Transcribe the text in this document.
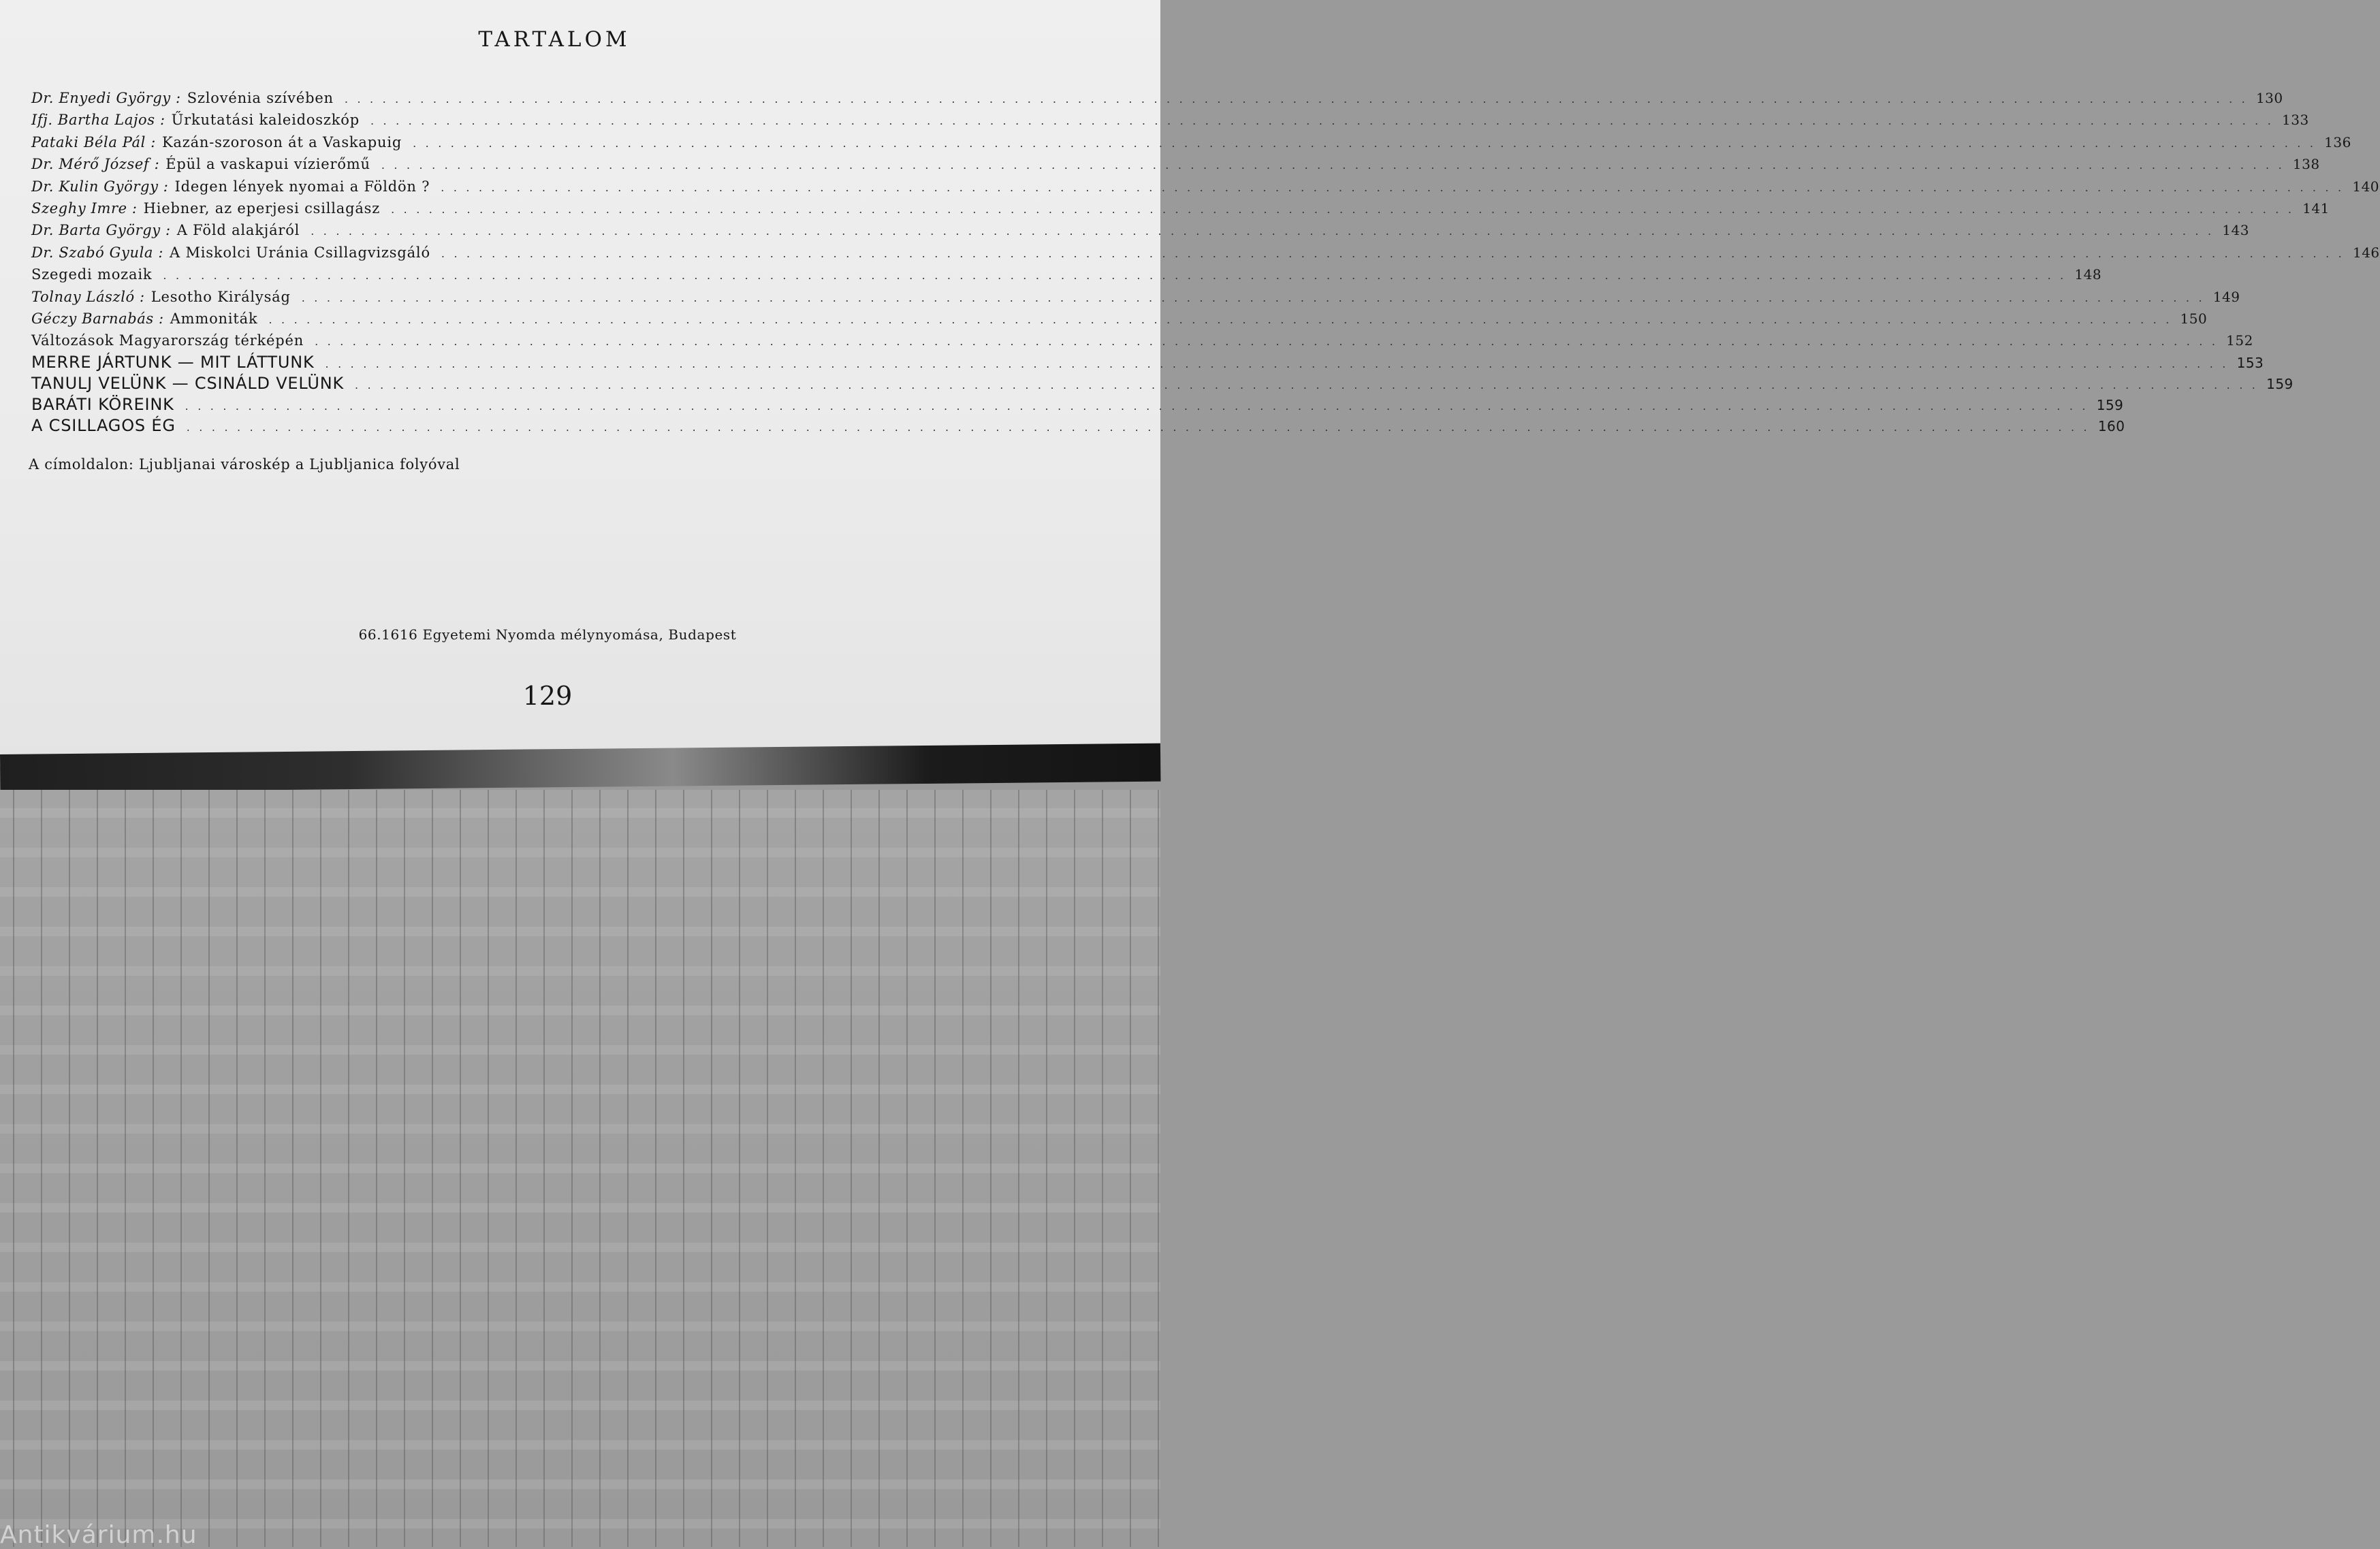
TARTALOM
Dr. Enyedi György : Szlovénia szívében . . . . . . . . . . . . . . . . . . . . . . . . . . . . . . . . . . . . . . . . . . . . . . . . . . . . . . . . . . . . . . . . . . . . . . . . . . . . . . . . . . . . . . . . . . . . . . . . . . . . . . . . . . . . . . . . . . . . . . . . . . . . . . . . . . . . . . . . . . . . . . . . . . . . . . . 130
Ifj. Bartha Lajos : Űrkutatási kaleidoszkóp . . . . . . . . . . . . . . . . . . . . . . . . . . . . . . . . . . . . . . . . . . . . . . . . . . . . . . . . . . . . . . . . . . . . . . . . . . . . . . . . . . . . . . . . . . . . . . . . . . . . . . . . . . . . . . . . . . . . . . . . . . . . . . . . . . . . . . . . . . . . . . . . . . . . . . . 133
Pataki Béla Pál : Kazán-szoroson át a Vaskapuig . . . . . . . . . . . . . . . . . . . . . . . . . . . . . . . . . . . . . . . . . . . . . . . . . . . . . . . . . . . . . . . . . . . . . . . . . . . . . . . . . . . . . . . . . . . . . . . . . . . . . . . . . . . . . . . . . . . . . . . . . . . . . . . . . . . . . . . . . . . . . . . . . . . . . . . 136
Dr. Mérő József : Épül a vaskapui vízierőmű . . . . . . . . . . . . . . . . . . . . . . . . . . . . . . . . . . . . . . . . . . . . . . . . . . . . . . . . . . . . . . . . . . . . . . . . . . . . . . . . . . . . . . . . . . . . . . . . . . . . . . . . . . . . . . . . . . . . . . . . . . . . . . . . . . . . . . . . . . . . . . . . . . . . . . . 138
Dr. Kulin György : Idegen lények nyomai a Földön ? . . . . . . . . . . . . . . . . . . . . . . . . . . . . . . . . . . . . . . . . . . . . . . . . . . . . . . . . . . . . . . . . . . . . . . . . . . . . . . . . . . . . . . . . . . . . . . . . . . . . . . . . . . . . . . . . . . . . . . . . . . . . . . . . . . . . . . . . . . . . . . . . . . . . . . . 140
Szeghy Imre : Hiebner, az eperjesi csillagász . . . . . . . . . . . . . . . . . . . . . . . . . . . . . . . . . . . . . . . . . . . . . . . . . . . . . . . . . . . . . . . . . . . . . . . . . . . . . . . . . . . . . . . . . . . . . . . . . . . . . . . . . . . . . . . . . . . . . . . . . . . . . . . . . . . . . . . . . . . . . . . . . . . . . . . 141
Dr. Barta György : A Föld alakjáról . . . . . . . . . . . . . . . . . . . . . . . . . . . . . . . . . . . . . . . . . . . . . . . . . . . . . . . . . . . . . . . . . . . . . . . . . . . . . . . . . . . . . . . . . . . . . . . . . . . . . . . . . . . . . . . . . . . . . . . . . . . . . . . . . . . . . . . . . . . . . . . . . . . . . . . 143
Dr. Szabó Gyula : A Miskolci Uránia Csillagvizsgáló . . . . . . . . . . . . . . . . . . . . . . . . . . . . . . . . . . . . . . . . . . . . . . . . . . . . . . . . . . . . . . . . . . . . . . . . . . . . . . . . . . . . . . . . . . . . . . . . . . . . . . . . . . . . . . . . . . . . . . . . . . . . . . . . . . . . . . . . . . . . . . . . . . . . . . . 146
Szegedi mozaik . . . . . . . . . . . . . . . . . . . . . . . . . . . . . . . . . . . . . . . . . . . . . . . . . . . . . . . . . . . . . . . . . . . . . . . . . . . . . . . . . . . . . . . . . . . . . . . . . . . . . . . . . . . . . . . . . . . . . . . . . . . . . . . . . . . . . . . . . . . . . . . . . . . . . . . 148
Tolnay László : Lesotho Királyság . . . . . . . . . . . . . . . . . . . . . . . . . . . . . . . . . . . . . . . . . . . . . . . . . . . . . . . . . . . . . . . . . . . . . . . . . . . . . . . . . . . . . . . . . . . . . . . . . . . . . . . . . . . . . . . . . . . . . . . . . . . . . . . . . . . . . . . . . . . . . . . . . . . . . . . 149
Géczy Barnabás : Ammoniták . . . . . . . . . . . . . . . . . . . . . . . . . . . . . . . . . . . . . . . . . . . . . . . . . . . . . . . . . . . . . . . . . . . . . . . . . . . . . . . . . . . . . . . . . . . . . . . . . . . . . . . . . . . . . . . . . . . . . . . . . . . . . . . . . . . . . . . . . . . . . . . . . . . . . . . 150
Változások Magyarország térképén . . . . . . . . . . . . . . . . . . . . . . . . . . . . . . . . . . . . . . . . . . . . . . . . . . . . . . . . . . . . . . . . . . . . . . . . . . . . . . . . . . . . . . . . . . . . . . . . . . . . . . . . . . . . . . . . . . . . . . . . . . . . . . . . . . . . . . . . . . . . . . . . . . . . . . . 152
MERRE JÁRTUNK — MIT LÁTTUNK . . . . . . . . . . . . . . . . . . . . . . . . . . . . . . . . . . . . . . . . . . . . . . . . . . . . . . . . . . . . . . . . . . . . . . . . . . . . . . . . . . . . . . . . . . . . . . . . . . . . . . . . . . . . . . . . . . . . . . . . . . . . . . . . . . . . . . . . . . . . . . . . . . . . . . . 153
TANULJ VELÜNK — CSINÁLD VELÜNK . . . . . . . . . . . . . . . . . . . . . . . . . . . . . . . . . . . . . . . . . . . . . . . . . . . . . . . . . . . . . . . . . . . . . . . . . . . . . . . . . . . . . . . . . . . . . . . . . . . . . . . . . . . . . . . . . . . . . . . . . . . . . . . . . . . . . . . . . . . . . . . . . . . . . . . 159
BARÁTI KÖREINK . . . . . . . . . . . . . . . . . . . . . . . . . . . . . . . . . . . . . . . . . . . . . . . . . . . . . . . . . . . . . . . . . . . . . . . . . . . . . . . . . . . . . . . . . . . . . . . . . . . . . . . . . . . . . . . . . . . . . . . . . . . . . . . . . . . . . . . . . . . . . . . . . . . . . . . 159
A CSILLAGOS ÉG . . . . . . . . . . . . . . . . . . . . . . . . . . . . . . . . . . . . . . . . . . . . . . . . . . . . . . . . . . . . . . . . . . . . . . . . . . . . . . . . . . . . . . . . . . . . . . . . . . . . . . . . . . . . . . . . . . . . . . . . . . . . . . . . . . . . . . . . . . . . . . . . . . . . . . . 160
A címoldalon: Ljubljanai városkép a Ljubljanica folyóval
66.1616 Egyetemi Nyomda mélynyomása, Budapest
129
Antikvárium.hu
